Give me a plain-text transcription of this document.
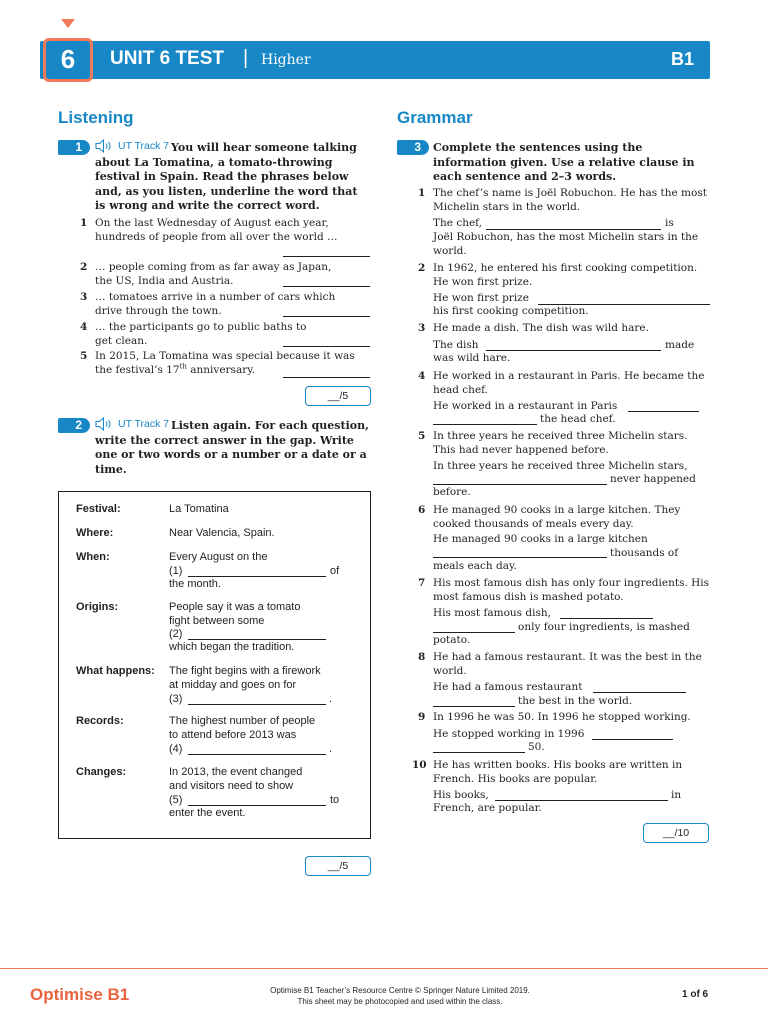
6	UNIT 6 TEST | Higher	B1
Listening
1	UT Track 7 You will hear someone talking about La Tomatina, a tomato-throwing festival in Spain. Read the phrases below and, as you listen, underline the word that is wrong and write the correct word.
1 On the last Wednesday of August each year, hundreds of people from all over the world …
2 … people coming from as far away as Japan, the US, India and Austria.
3 … tomatoes arrive in a number of cars which drive through the town.
4 … the participants go to public baths to get clean.
5 In 2015, La Tomatina was special because it was the festival’s 17th anniversary.
__/5
2	UT Track 7 Listen again. For each question, write the correct answer in the gap. Write one or two words or a number or a date or a time.
Festival:	La Tomatina
Where:	Near Valencia, Spain.
When:	Every August on the
(1)	of
the month.
Origins:	People say it was a tomato
fight between some
(2)
which began the tradition.
What happens: The fight begins with a firework
at midday and goes on for
(3)	.
Records:	The highest number of people
to attend before 2013 was
(4)	.
Changes:	In 2013, the event changed
and visitors need to show
(5)	to
enter the event.
__/5
Grammar
3	Complete the sentences using the information given. Use a relative clause in each sentence and 2–3 words.
1 The chef’s name is Joël Robuchon. He has the most Michelin stars in the world.
The chef,	is
Joël Robuchon, has the most Michelin stars in the world.
2 In 1962, he entered his first cooking competition. He won first prize.
He won first prize
his first cooking competition.
3 He made a dish. The dish was wild hare.
The dish	made
was wild hare.
4 He worked in a restaurant in Paris. He became the head chef.
He worked in a restaurant in Paris
the head chef.
5 In three years he received three Michelin stars. This had never happened before.
In three years he received three Michelin stars,
never happened
before.
6 He managed 90 cooks in a large kitchen. They cooked thousands of meals every day.
He managed 90 cooks in a large kitchen
thousands of
meals each day.
7 His most famous dish has only four ingredients. His most famous dish is mashed potato.
His most famous dish,
only four ingredients, is mashed
potato.
8 He had a famous restaurant. It was the best in the world.
He had a famous restaurant
the best in the world.
9 In 1996 he was 50. In 1996 he stopped working.
He stopped working in 1996
50.
10 He has written books. His books are written in French. His books are popular.
His books,	in
French, are popular.
__/10
Optimise B1	Optimise B1 Teacher’s Resource Centre © Springer Nature Limited 2019.
This sheet may be photocopied and used within the class.
1 of 6
